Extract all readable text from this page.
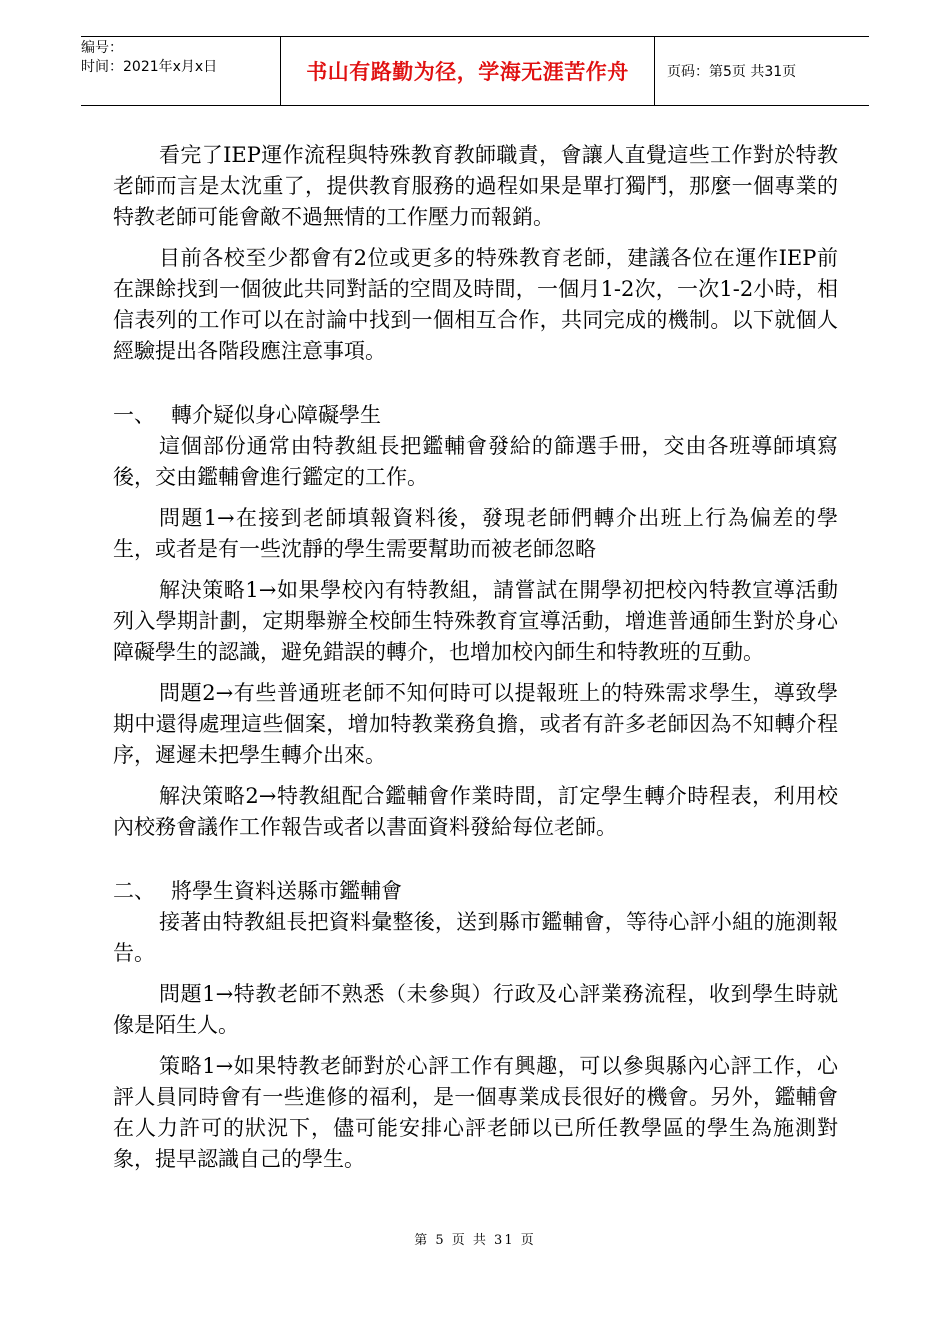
编号：
时间：2021年x月x日	书山有路勤为径，学海无涯苦作舟	页码：第5页 共31页

看完了IEP運作流程與特殊教育教師職責，會讓人直覺這些工作對於特教老師而言是太沈重了，提供教育服務的過程如果是單打獨鬥，那麼一個專業的特教老師可能會敵不過無情的工作壓力而報銷。

目前各校至少都會有2位或更多的特殊教育老師，建議各位在運作IEP前在課餘找到一個彼此共同對話的空間及時間，一個月1-2次，一次1-2小時，相信表列的工作可以在討論中找到一個相互合作，共同完成的機制。以下就個人經驗提出各階段應注意事項。

一、 轉介疑似身心障礙學生

這個部份通常由特教組長把鑑輔會發給的篩選手冊，交由各班導師填寫後，交由鑑輔會進行鑑定的工作。

問題1→在接到老師填報資料後，發現老師們轉介出班上行為偏差的學生，或者是有一些沈靜的學生需要幫助而被老師忽略

解決策略1→如果學校內有特教組，請嘗試在開學初把校內特教宣導活動列入學期計劃，定期舉辦全校師生特殊教育宣導活動，增進普通師生對於身心障礙學生的認識，避免錯誤的轉介，也增加校內師生和特教班的互動。

問題2→有些普通班老師不知何時可以提報班上的特殊需求學生，導致學期中還得處理這些個案，增加特教業務負擔，或者有許多老師因為不知轉介程序，遲遲未把學生轉介出來。

解決策略2→特教組配合鑑輔會作業時間，訂定學生轉介時程表，利用校內校務會議作工作報告或者以書面資料發給每位老師。

二、 將學生資料送縣市鑑輔會

接著由特教組長把資料彙整後，送到縣市鑑輔會，等待心評小組的施測報告。

問題1→特教老師不熟悉（未參與）行政及心評業務流程，收到學生時就像是陌生人。

策略1→如果特教老師對於心評工作有興趣，可以參與縣內心評工作，心評人員同時會有一些進修的福利，是一個專業成長很好的機會。另外，鑑輔會在人力許可的狀況下，儘可能安排心評老師以已所任教學區的學生為施測對象，提早認識自己的學生。

第 5 页 共 31 页
